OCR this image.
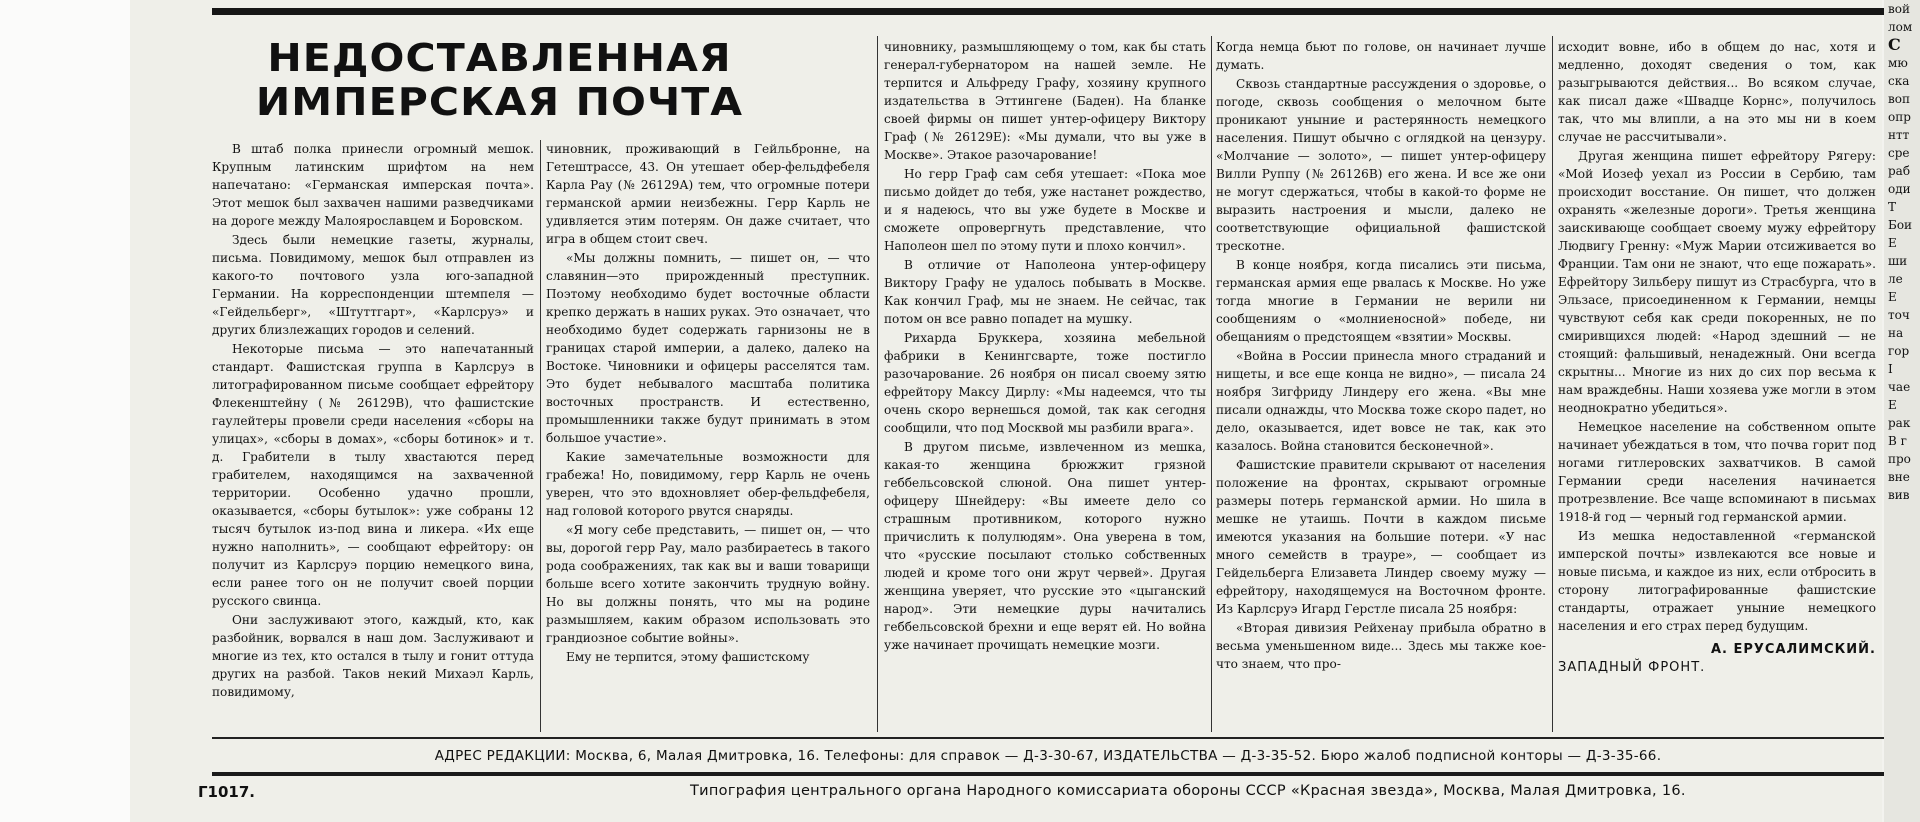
НЕДОСТАВЛЕННАЯ
ИМПЕРСКАЯ ПОЧТА

В штаб полка принесли огромный мешок. Крупным латинским шрифтом на нем напечатано: «Германская имперская почта». Этот мешок был захвачен нашими разведчиками на дороге между Малоярославцем и Боровском.

Здесь были немецкие газеты, журналы, письма. Повидимому, мешок был отправлен из какого-то почтового узла юго-западной Германии. На корреспонденции штемпеля — «Гейдельберг», «Штуттгарт», «Карлсруэ» и других близлежащих городов и селений.

Некоторые письма — это напечатанный стандарт. Фашистская группа в Карлсруэ в литографированном письме сообщает ефрейтору Флекенштейну (№ 26129В), что фашистские гаулейтеры провели среди населения «сборы на улицах», «сборы в домах», «сборы ботинок» и т. д. Грабители в тылу хвастаются перед грабителем, находящимся на захваченной территории. Особенно удачно прошли, оказывается, «сборы бутылок»: уже собраны 12 тысяч бутылок из-под вина и ликера. «Их еще нужно наполнить», — сообщают ефрейтору: он получит из Карлсруэ порцию немецкого вина, если ранее того он не получит своей порции русского свинца.

Они заслуживают этого, каждый, кто, как разбойник, ворвался в наш дом. Заслуживают и многие из тех, кто остался в тылу и гонит оттуда других на разбой. Таков некий Михаэл Карль, повидимому,

чиновник, проживающий в Гейльбронне, на Гетештрассе, 43. Он утешает обер-фельдфебеля Карла Рау (№ 26129А) тем, что огромные потери германской армии неизбежны. Герр Карль не удивляется этим потерям. Он даже считает, что игра в общем стоит свеч.

«Мы должны помнить, — пишет он, — что славянин—это прирожденный преступник. Поэтому необходимо будет восточные области крепко держать в наших руках. Это означает, что необходимо будет содержать гарнизоны не в границах старой империи, а далеко, далеко на Востоке. Чиновники и офицеры расселятся там. Это будет небывалого масштаба политика восточных пространств. И естественно, промышленники также будут принимать в этом большое участие».

Какие замечательные возможности для грабежа! Но, повидимому, герр Карль не очень уверен, что это вдохновляет обер-фельдфебеля, над головой которого рвутся снаряды.

«Я могу себе представить, — пишет он, — что вы, дорогой герр Рау, мало разбираетесь в такого рода соображениях, так как вы и ваши товарищи больше всего хотите закончить трудную войну. Но вы должны понять, что мы на родине размышляем, каким образом использовать это грандиозное событие войны».

Ему не терпится, этому фашистскому

чиновнику, размышляющему о том, как бы стать генерал-губернатором на нашей земле. Не терпится и Альфреду Графу, хозяину крупного издательства в Эттингене (Баден). На бланке своей фирмы он пишет унтер-офицеру Виктору Граф (№ 26129Е): «Мы думали, что вы уже в Москве». Этакое разочарование!

Но герр Граф сам себя утешает: «Пока мое письмо дойдет до тебя, уже настанет рождество, и я надеюсь, что вы уже будете в Москве и сможете опровергнуть представление, что Наполеон шел по этому пути и плохо кончил».

В отличие от Наполеона унтер-офицеру Виктору Графу не удалось побывать в Москве. Как кончил Граф, мы не знаем. Не сейчас, так потом он все равно попадет на мушку.

Рихарда Бруккера, хозяина мебельной фабрики в Кенингсварте, тоже постигло разочарование. 26 ноября он писал своему зятю ефрейтору Максу Дирлу: «Мы надеемся, что ты очень скоро вернешься домой, так как сегодня сообщили, что под Москвой мы разбили врага».

В другом письме, извлеченном из мешка, какая-то женщина брюжжит грязной геббельсовской слюной. Она пишет унтер-офицеру Шнейдеру: «Вы имеете дело со страшным противником, которого нужно причислить к полулюдям». Она уверена в том, что «русские посылают столько собственных людей и кроме того они жрут червей». Другая женщина уверяет, что русские это «цыганский народ». Эти немецкие дуры начитались геббельсовской брехни и еще верят ей. Но война уже начинает прочищать немецкие мозги.

Когда немца бьют по голове, он начинает лучше думать.

Сквозь стандартные рассуждения о здоровье, о погоде, сквозь сообщения о мелочном быте проникают уныние и растерянность немецкого населения. Пишут обычно с оглядкой на цензуру. «Молчание — золото», — пишет унтер-офицеру Вилли Руппу (№ 26126В) его жена. И все же они не могут сдержаться, чтобы в какой-то форме не выразить настроения и мысли, далеко не соответствующие официальной фашистской трескотне.

В конце ноября, когда писались эти письма, германская армия еще рвалась к Москве. Но уже тогда многие в Германии не верили ни сообщениям о «молниеносной» победе, ни обещаниям о предстоящем «взятии» Москвы.

«Война в России принесла много страданий и нищеты, и все еще конца не видно», — писала 24 ноября Зигфриду Линдеру его жена. «Вы мне писали однажды, что Москва тоже скоро падет, но дело, оказывается, идет вовсе не так, как это казалось. Война становится бесконечной».

Фашистские правители скрывают от населения положение на фронтах, скрывают огромные размеры потерь германской армии. Но шила в мешке не утаишь. Почти в каждом письме имеются указания на большие потери. «У нас много семейств в трауре», — сообщает из Гейдельберга Елизавета Линдер своему мужу — ефрейтору, находящемуся на Восточном фронте. Из Карлсруэ Игард Герстле писала 25 ноября:

«Вторая дивизия Рейхенау прибыла обратно в весьма уменьшенном виде... Здесь мы также кое-что знаем, что про-

исходит вовне, ибо в общем до нас, хотя и медленно, доходят сведения о том, как разыгрываются действия... Во всяком случае, как писал даже «Швадце Корнс», получилось так, что мы влипли, а на это мы ни в коем случае не рассчитывали».

Другая женщина пишет ефрейтору Рягеру: «Мой Иозеф уехал из России в Сербию, там происходит восстание. Он пишет, что должен охранять «железные дороги». Третья женщина заискивающе сообщает своему мужу ефрейтору Людвигу Гренну: «Муж Марии отсиживается во Франции. Там они не знают, что еще пожарать». Ефрейтору Зильберу пишут из Страсбурга, что в Эльзасе, присоединенном к Германии, немцы чувствуют себя как среди покоренных, не по смиривщихся людей: «Народ здешний — не стоящий: фальшивый, ненадежный. Они всегда скрытны... Многие из них до сих пор весьма к нам враждебны. Наши хозяева уже могли в этом неоднократно убедиться».

Немецкое население на собственном опыте начинает убеждаться в том, что почва горит под ногами гитлеровских захватчиков. В самой Германии среди населения начинается протрезвление. Все чаще вспоминают в письмах 1918-й год — черный год германской армии.

Из мешка недоставленной «германской имперской почты» извлекаются все новые и новые письма, и каждое из них, если отбросить в сторону литографированные фашистские стандарты, отражает уныние немецкого населения и его страх перед будущим.

А. ЕРУСАЛИМСКИЙ.
ЗАПАДНЫЙ ФРОНТ.
АДРЕС РЕДАКЦИИ: Москва, 6, Малая Дмитровка, 16. Телефоны: для справок — Д-3-30-67, ИЗДАТЕЛЬСТВА — Д-3-35-52. Бюро жалоб подписной конторы — Д-3-35-66.
Г1017.	Типография центрального органа Народного комиссариата обороны СССР «Красная звезда», Москва, Малая Дмитровка, 16.
вой
лом
С
мю
ска
воп
опр
нтт
сре
раб
оди
Т
Бои
Е
ши
ле
Е
точ
на
гор
I
чае
Е
рак
В г
про
вне
вив
